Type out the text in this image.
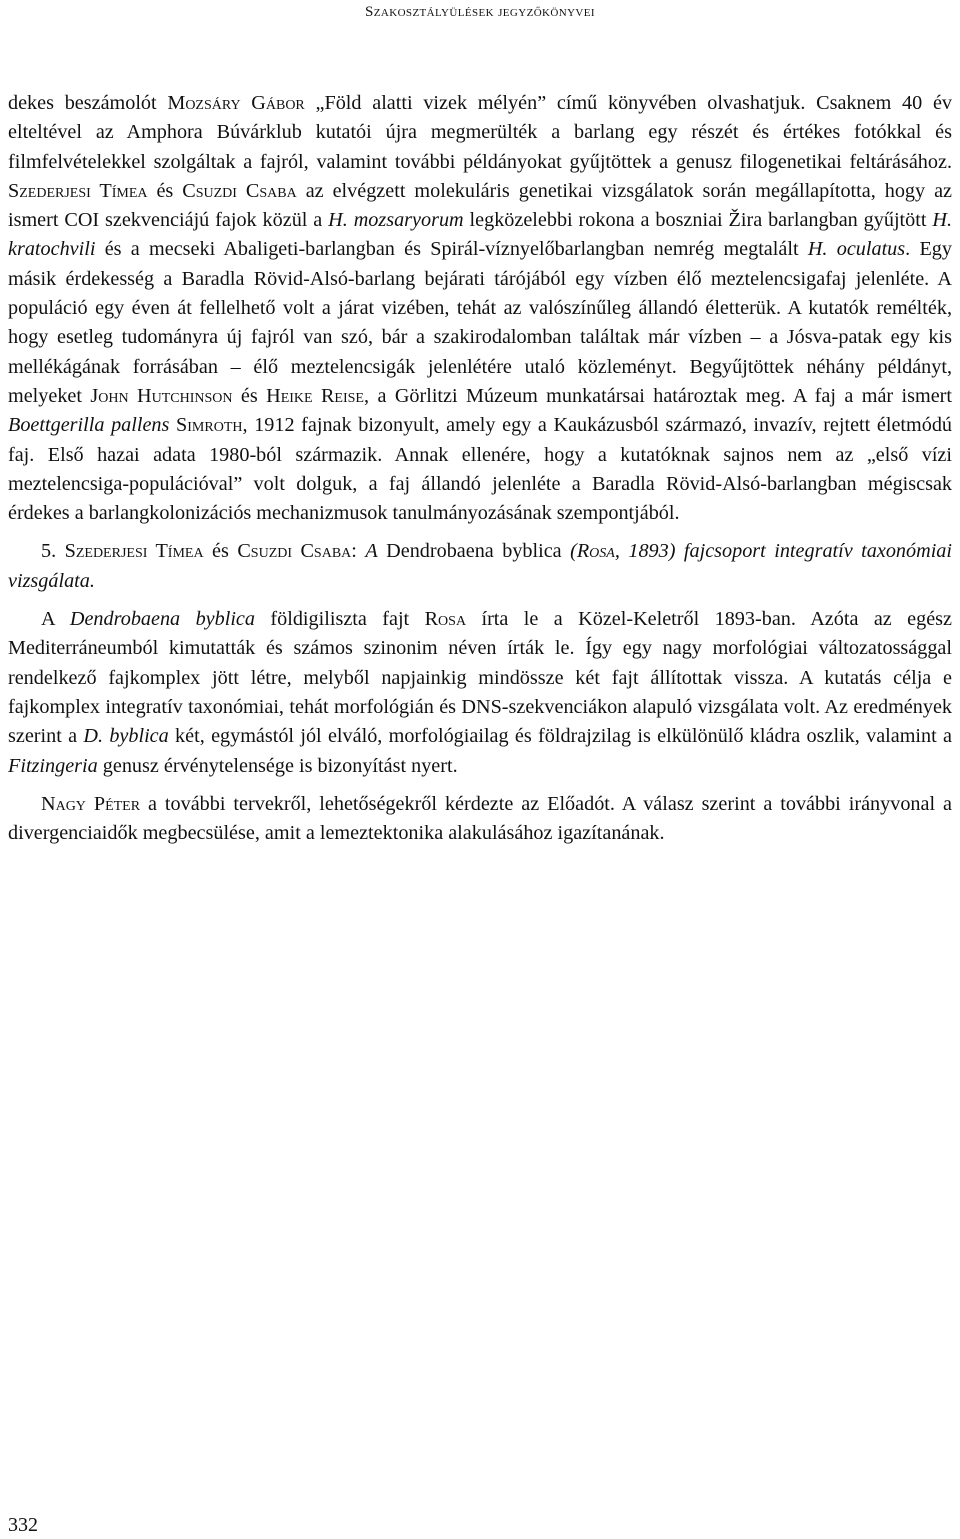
Szakosztályülések jegyzőkönyvei

dekes beszámolót Mozsáry Gábor „Föld alatti vizek mélyén” című könyvében olvashatjuk. Csaknem 40 év elteltével az Amphora Búvárklub kutatói újra megmerülték a barlang egy részét és értékes fotókkal és filmfelvételekkel szolgáltak a fajról, valamint további példányokat gyűjtöttek a genusz filogenetikai feltárásához. Szederjesi Tímea és Csuzdi Csaba az elvégzett molekuláris genetikai vizsgálatok során megállapította, hogy az ismert COI szekvenciájú fajok közül a H. mozsaryorum legközelebbi rokona a boszniai Žira barlangban gyűjtött H. kratochvili és a mecseki Abaligeti-barlangban és Spirál-víznyelőbarlangban nemrég megtalált H. oculatus. Egy másik érdekesség a Baradla Rövid-Alsó-barlang bejárati tárójából egy vízben élő meztelencsigafaj jelenléte. A populáció egy éven át fellelhető volt a járat vizében, tehát az valószínűleg állandó életterük. A kutatók remélték, hogy esetleg tudományra új fajról van szó, bár a szakirodalomban találtak már vízben – a Jósva-patak egy kis mellékágának forrásában – élő meztelencsigák jelenlétére utaló közleményt. Begyűjtöttek néhány példányt, melyeket John Hutchinson és Heike Reise, a Görlitzi Múzeum munkatársai határoztak meg. A faj a már ismert Boettgerilla pallens Simroth, 1912 fajnak bizonyult, amely egy a Kaukázusból származó, invazív, rejtett életmódú faj. Első hazai adata 1980-ból származik. Annak ellenére, hogy a kutatóknak sajnos nem az „első vízi meztelencsiga-populációval” volt dolguk, a faj állandó jelenléte a Baradla Rövid-Alsó-barlangban mégiscsak érdekes a barlangkolonizációs mechanizmusok tanulmányozásának szempontjából.

5. Szederjesi Tímea és Csuzdi Csaba: A Dendrobaena byblica (Rosa, 1893) fajcsoport integratív taxonómiai vizsgálata.

A Dendrobaena byblica földigiliszta fajt Rosa írta le a Közel-Keletről 1893-ban. Azóta az egész Mediterráneumból kimutatták és számos szinonim néven írták le. Így egy nagy morfológiai változatossággal rendelkező fajkomplex jött létre, melyből napjainkig mindössze két fajt állítottak vissza. A kutatás célja e fajkomplex integratív taxonómiai, tehát morfológián és DNS-szekvenciákon alapuló vizsgálata volt. Az eredmények szerint a D. byblica két, egymástól jól elváló, morfológiailag és földrajzilag is elkülönülő kládra oszlik, valamint a Fitzingeria genusz érvénytelensége is bizonyítást nyert.

Nagy Péter a további tervekről, lehetőségekről kérdezte az Előadót. A válasz szerint a további irányvonal a divergenciaidők megbecsülése, amit a lemeztektonika alakulásához igazítanának.

332
